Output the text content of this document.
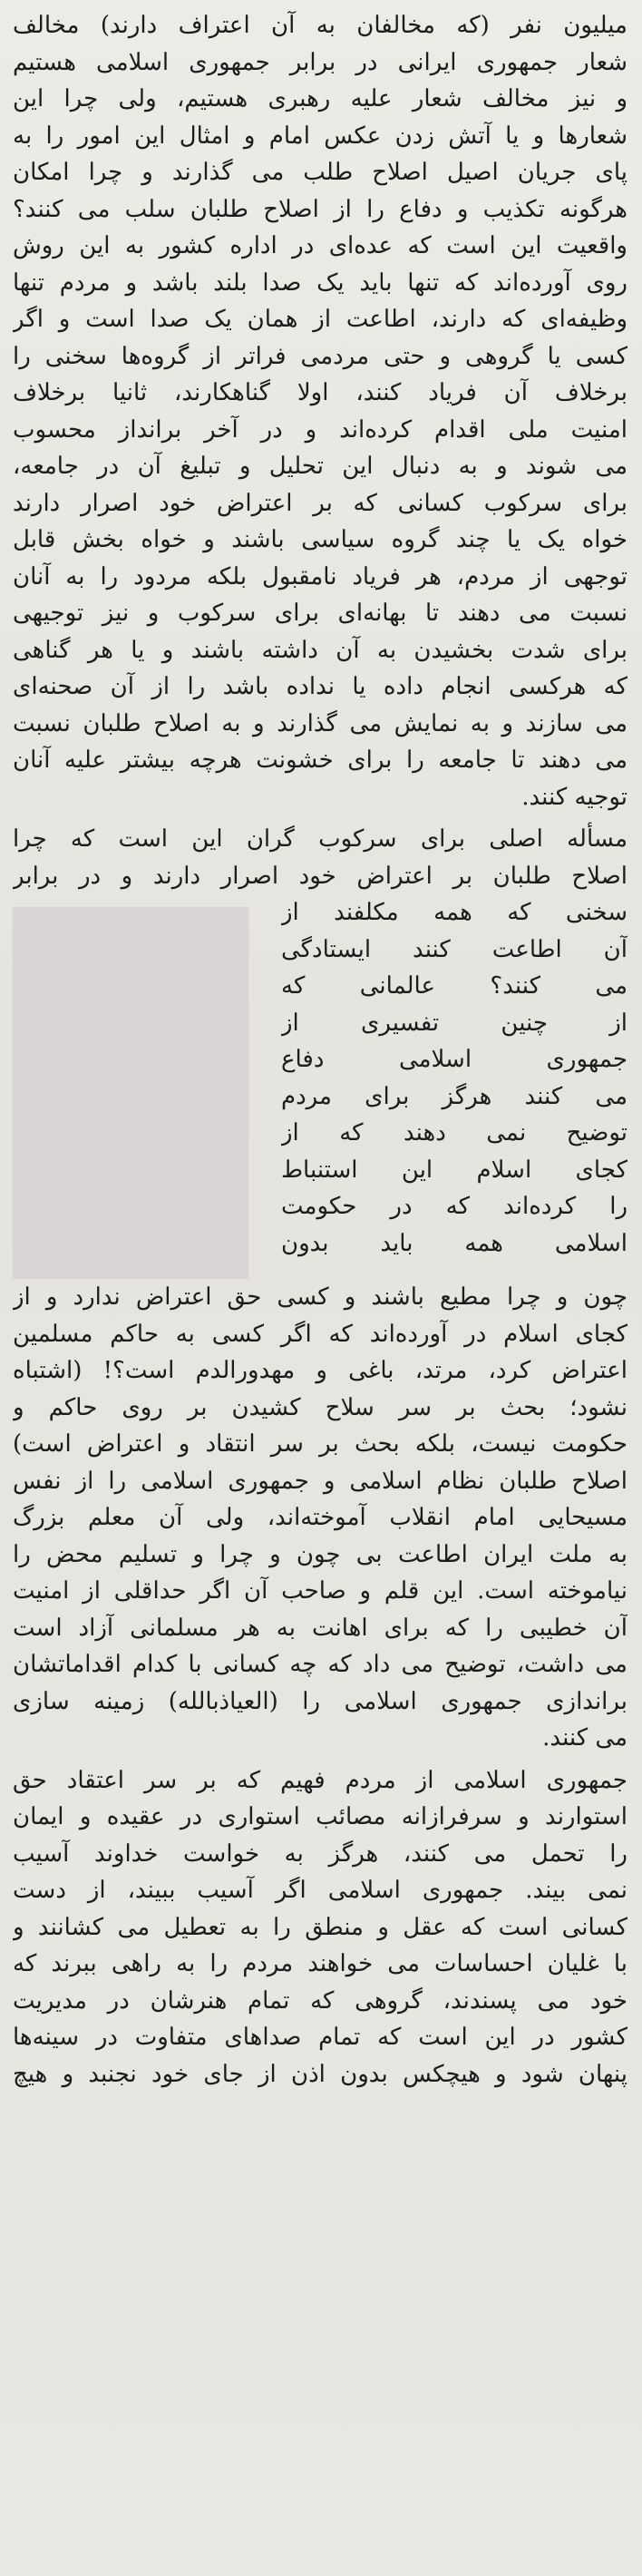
میلیون نفر (که مخالفان به آن اعتراف دارند) مخالف
شعار جمهوری ایرانی در برابر جمهوری اسلامی هستیم
و نیز مخالف شعار علیه رهبری هستیم، ولی چرا این
شعارها و یا آتش زدن عکس امام و امثال این امور را به
پای جریان اصیل اصلاح طلب می گذارند و چرا امکان
هرگونه تکذیب و دفاع را از اصلاح طلبان سلب می کنند؟
واقعیت این است که عده‌ای در اداره کشور به این روش
روی آورده‌اند که تنها باید یک صدا بلند باشد و مردم تنها
وظیفه‌ای که دارند، اطاعت از همان یک صدا است و اگر
کسی یا گروهی و حتی مردمی فراتر از گروه‌ها سخنی را
برخلاف آن فریاد کنند، اولا گناهکارند، ثانیا برخلاف
امنیت ملی اقدام کرده‌اند و در آخر برانداز محسوب
می شوند و به دنبال این تحلیل و تبلیغ آن در جامعه،
برای سرکوب کسانی که بر اعتراض خود اصرار دارند
خواه یک یا چند گروه سیاسی باشند و خواه بخش قابل
توجهی از مردم، هر فریاد نامقبول بلکه مردود را به آنان
نسبت می دهند تا بهانه‌ای برای سرکوب و نیز توجیهی
برای شدت بخشیدن به آن داشته باشند و یا هر گناهی
که هرکسی انجام داده یا نداده باشد را از آن صحنه‌ای
می سازند و به نمایش می گذارند و به اصلاح طلبان نسبت
می دهند تا جامعه را برای خشونت هرچه بیشتر علیه آنان
توجیه کنند.
مسأله اصلی برای سرکوب گران این است که چرا
اصلاح طلبان بر اعتراض خود اصرار دارند و در برابر
سخنی که همه مکلفند از
آن اطاعت کنند ایستادگی
می کنند؟ عالمانی که
از چنین تفسیری از
جمهوری اسلامی دفاع
می کنند هرگز برای مردم
توضیح نمی دهند که از
کجای اسلام این استنباط
را کرده‌اند که در حکومت
اسلامی همه باید بدون
چون و چرا مطیع باشند و کسی حق اعتراض ندارد و از
کجای اسلام در آورده‌اند که اگر کسی به حاکم مسلمین
اعتراض کرد، مرتد، باغی و مهدورالدم است؟! (اشتباه
نشود؛ بحث بر سر سلاح کشیدن بر روی حاکم و
حکومت نیست، بلکه بحث بر سر انتقاد و اعتراض است)
اصلاح طلبان نظام اسلامی و جمهوری اسلامی را از نفس
مسیحایی امام انقلاب آموخته‌اند، ولی آن معلم بزرگ
به ملت ایران اطاعت بی چون و چرا و تسلیم محض را
نیاموخته است. این قلم و صاحب آن اگر حداقلی از امنیت
آن خطیبی را که برای اهانت به هر مسلمانی آزاد است
می داشت، توضیح می داد که چه کسانی با کدام اقداماتشان
براندازی جمهوری اسلامی را (العیاذبالله) زمینه سازی
می کنند.
جمهوری اسلامی از مردم فهیم که بر سر اعتقاد حق
استوارند و سرفرازانه مصائب استواری در عقیده و ایمان
را تحمل می کنند، هرگز به خواست خداوند آسیب
نمی بیند. جمهوری اسلامی اگر آسیب ببیند، از دست
کسانی است که عقل و منطق را به تعطیل می کشانند و
با غلیان احساسات می خواهند مردم را به راهی ببرند که
خود می پسندند، گروهی که تمام هنرشان در مدیریت
کشور در این است که تمام صداهای متفاوت در سینه‌ها
پنهان شود و هیچکس بدون اذن از جای خود نجنبد و هیچ
